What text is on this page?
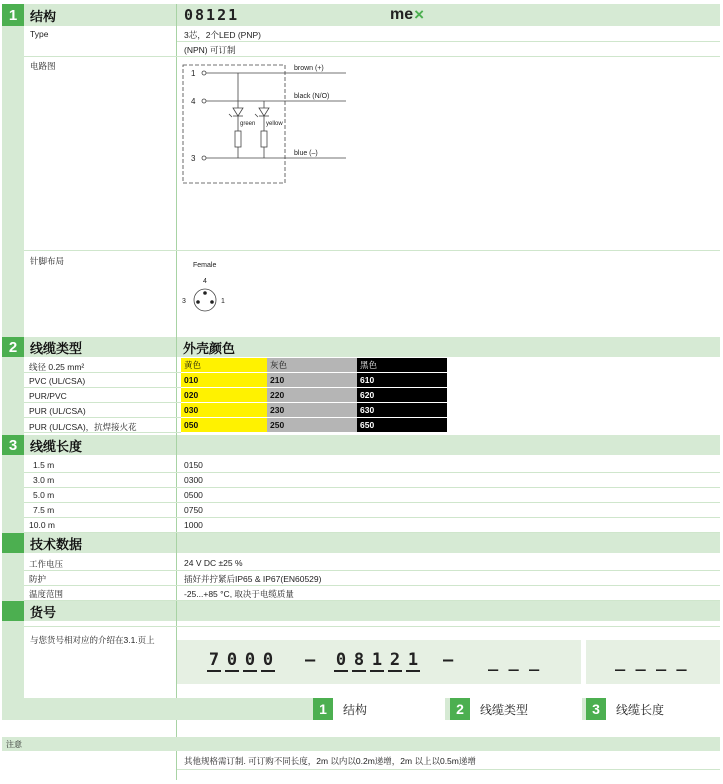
1 结构	08121	me ×
Type	3芯，2个LED (PNP)
(NPN) 可订制
电路图
1
4
3
brown (+)
black (N/O)
blue (–)
green yellow
针脚布局	Female
4
3	1
2 线缆类型	外壳颜色
3 线缆长度
技术数据
货号
与您货号相对应的介绍在3.1.页上
注意
其他规格需订制. 可订购不同长度，2m 以内以0.2m递增，2m 以上以0.5m递增
线径 0.25 mm²	黄色	灰色	黑色
PVC (UL/CSA)	010	210	610
PUR/PVC	020	220	620
PUR (UL/CSA)	030	230	630
PUR (UL/CSA)，抗焊接火花	050	250	650
1.5 m	0150
3.0 m	0300
5.0 m	0500
7.5 m	0750
10.0 m	1000
工作电压	24 V DC ±25 %
防护	插好并拧紧后IP65 & IP67(EN60529)
温度范围	-25...+85 °C, 取决于电缆质量
7 0 0 0 – 0 8 1 2 1 – _ _ _	_ _ _ _
1	结构	2	线缆类型	3	线缆长度
